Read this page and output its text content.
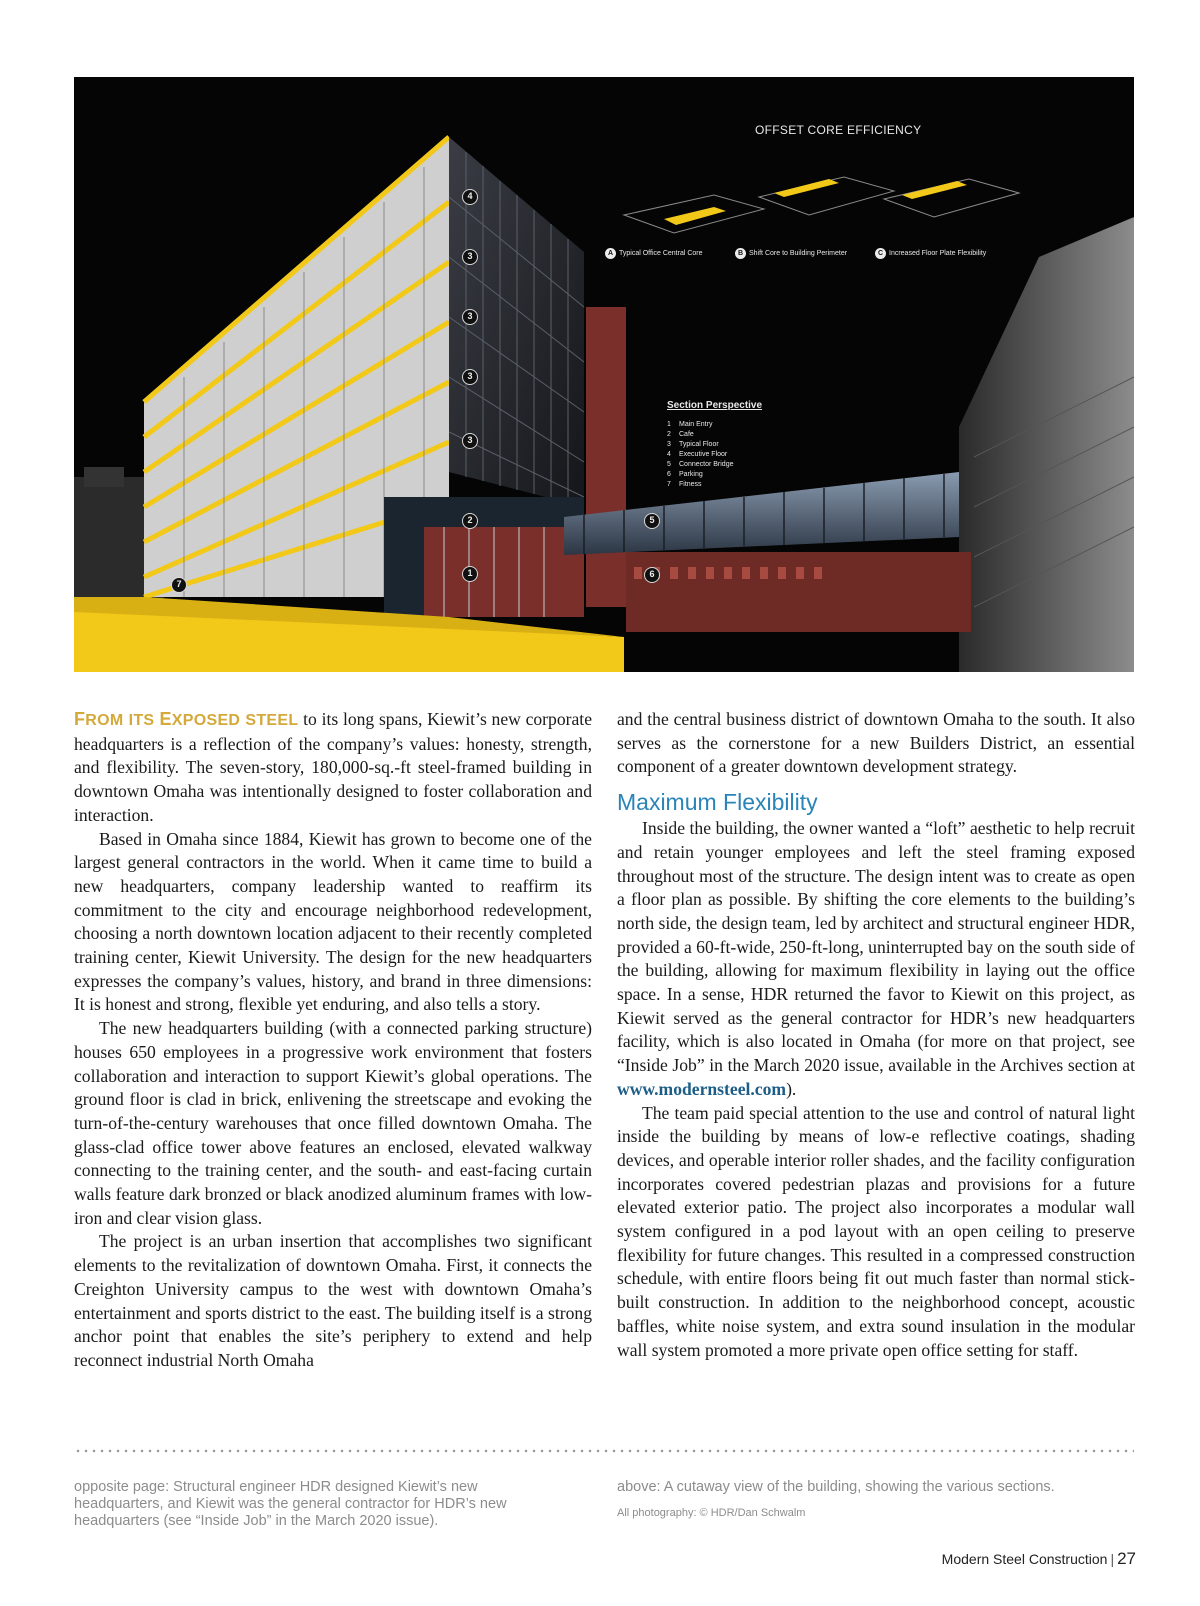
OFFSET CORE EFFICIENCY
A Typical Office Central Core	B Shift Core to Building Perimeter	C Increased Floor Plate Flexibility
Section Perspective
1 Main Entry
2 Cafe
3 Typical Floor
4 Executive Floor
5 Connector Bridge
6 Parking
7 Fitness
4
3
3
3
3
2
1
5
6
7

FROM ITS EXPOSED STEEL to its long spans, Kiewit’s new corporate headquarters is a reflection of the company’s values: honesty, strength, and flexibility. The seven-story, 180,000-sq.-ft steel-framed building in downtown Omaha was intentionally designed to foster collaboration and interaction.

Based in Omaha since 1884, Kiewit has grown to become one of the largest general contractors in the world. When it came time to build a new headquarters, company leadership wanted to reaffirm its commitment to the city and encourage neighborhood redevelopment, choosing a north downtown location adjacent to their recently completed training center, Kiewit University. The design for the new headquarters expresses the company’s values, history, and brand in three dimensions: It is honest and strong, flexible yet enduring, and also tells a story.

The new headquarters building (with a connected parking structure) houses 650 employees in a progressive work environment that fosters collaboration and interaction to support Kiewit’s global operations. The ground floor is clad in brick, enlivening the streetscape and evoking the turn-of-the-century warehouses that once filled downtown Omaha. The glass-clad office tower above features an enclosed, elevated walkway connecting to the training center, and the south- and east-facing curtain walls feature dark bronzed or black anodized aluminum frames with low-iron and clear vision glass.

The project is an urban insertion that accomplishes two significant elements to the revitalization of downtown Omaha. First, it connects the Creighton University campus to the west with downtown Omaha’s entertainment and sports district to the east. The building itself is a strong anchor point that enables the site’s periphery to extend and help reconnect industrial North Omaha

and the central business district of downtown Omaha to the south. It also serves as the cornerstone for a new Builders District, an essential component of a greater downtown development strategy.

Maximum Flexibility

Inside the building, the owner wanted a “loft” aesthetic to help recruit and retain younger employees and left the steel framing exposed throughout most of the structure. The design intent was to create as open a floor plan as possible. By shifting the core elements to the building’s north side, the design team, led by architect and structural engineer HDR, provided a 60-ft-wide, 250-ft-long, uninterrupted bay on the south side of the building, allowing for maximum flexibility in laying out the office space. In a sense, HDR returned the favor to Kiewit on this project, as Kiewit served as the general contractor for HDR’s new headquarters facility, which is also located in Omaha (for more on that project, see “Inside Job” in the March 2020 issue, available in the Archives section at www.modernsteel.com).

The team paid special attention to the use and control of natural light inside the building by means of low-e reflective coatings, shading devices, and operable interior roller shades, and the facility configuration incorporates covered pedestrian plazas and provisions for a future elevated exterior patio. The project also incorporates a modular wall system configured in a pod layout with an open ceiling to preserve flexibility for future changes. This resulted in a compressed construction schedule, with entire floors being fit out much faster than normal stick-built construction. In addition to the neighborhood concept, acoustic baffles, white noise system, and extra sound insulation in the modular wall system promoted a more private open office setting for staff.

opposite page: Structural engineer HDR designed Kiewit’s new headquarters, and Kiewit was the general contractor for HDR’s new headquarters (see “Inside Job” in the March 2020 issue).
above: A cutaway view of the building, showing the various sections.
All photography: © HDR/Dan Schwalm
Modern Steel Construction | 27
